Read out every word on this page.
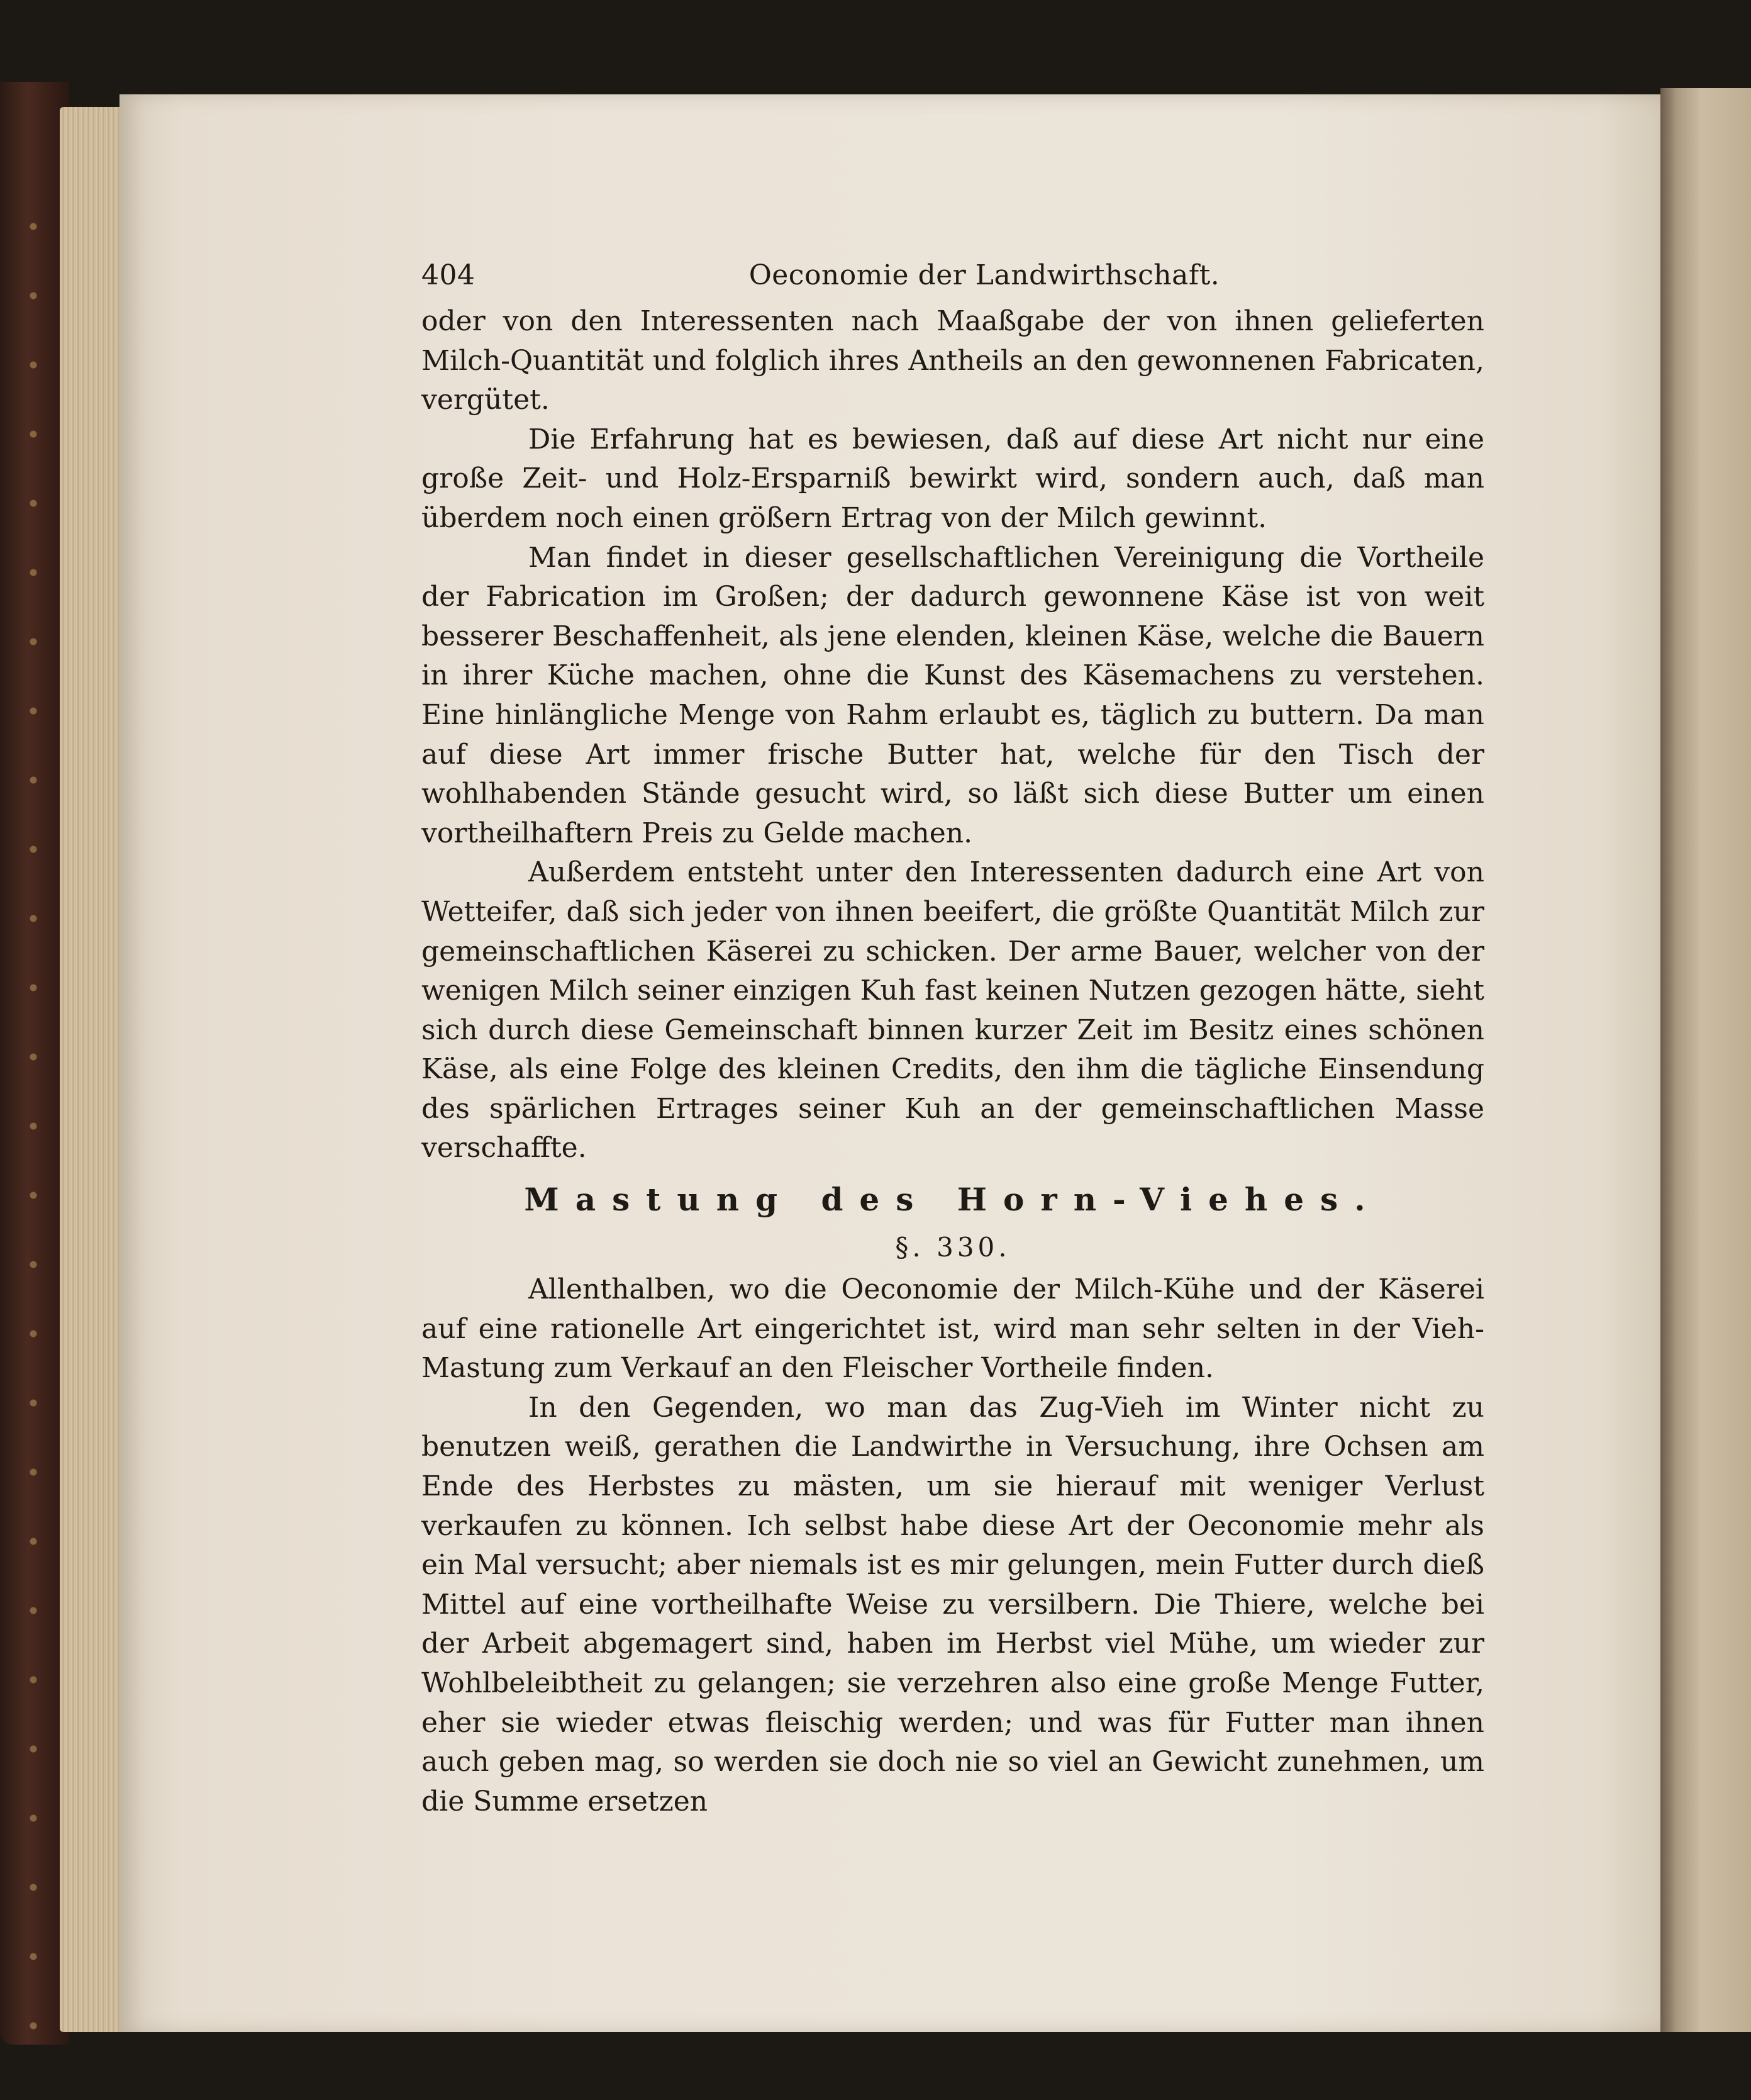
404	Oeconomie der Landwirthschaft.

oder von den Interessenten nach Maaßgabe der von ihnen gelieferten Milch-Quantität und folglich ihres Antheils an den gewonnenen Fabricaten, vergütet.

Die Erfahrung hat es bewiesen, daß auf diese Art nicht nur eine große Zeit- und Holz-Ersparniß bewirkt wird, sondern auch, daß man überdem noch einen größern Ertrag von der Milch gewinnt.

Man findet in dieser gesellschaftlichen Vereinigung die Vortheile der Fabrication im Großen; der dadurch gewonnene Käse ist von weit besserer Beschaffenheit, als jene elenden, kleinen Käse, welche die Bauern in ihrer Küche machen, ohne die Kunst des Käsemachens zu verstehen. Eine hinlängliche Menge von Rahm erlaubt es, täglich zu buttern. Da man auf diese Art immer frische Butter hat, welche für den Tisch der wohlhabenden Stände gesucht wird, so läßt sich diese Butter um einen vortheilhaftern Preis zu Gelde machen.

Außerdem entsteht unter den Interessenten dadurch eine Art von Wetteifer, daß sich jeder von ihnen beeifert, die größte Quantität Milch zur gemeinschaftlichen Käserei zu schicken. Der arme Bauer, welcher von der wenigen Milch seiner einzigen Kuh fast keinen Nutzen gezogen hätte, sieht sich durch diese Gemeinschaft binnen kurzer Zeit im Besitz eines schönen Käse, als eine Folge des kleinen Credits, den ihm die tägliche Einsendung des spärlichen Ertrages seiner Kuh an der gemeinschaftlichen Masse verschaffte.

Mastung des Horn-Viehes.
§. 330.

Allenthalben, wo die Oeconomie der Milch-Kühe und der Käserei auf eine rationelle Art eingerichtet ist, wird man sehr selten in der Vieh-Mastung zum Verkauf an den Fleischer Vortheile finden.

In den Gegenden, wo man das Zug-Vieh im Winter nicht zu benutzen weiß, gerathen die Landwirthe in Versuchung, ihre Ochsen am Ende des Herbstes zu mästen, um sie hierauf mit weniger Verlust verkaufen zu können. Ich selbst habe diese Art der Oeconomie mehr als ein Mal versucht; aber niemals ist es mir gelungen, mein Futter durch dieß Mittel auf eine vortheilhafte Weise zu versilbern. Die Thiere, welche bei der Arbeit abgemagert sind, haben im Herbst viel Mühe, um wieder zur Wohlbeleibtheit zu gelangen; sie verzehren also eine große Menge Futter, eher sie wieder etwas fleischig werden; und was für Futter man ihnen auch geben mag, so werden sie doch nie so viel an Gewicht zunehmen, um die Summe ersetzen
